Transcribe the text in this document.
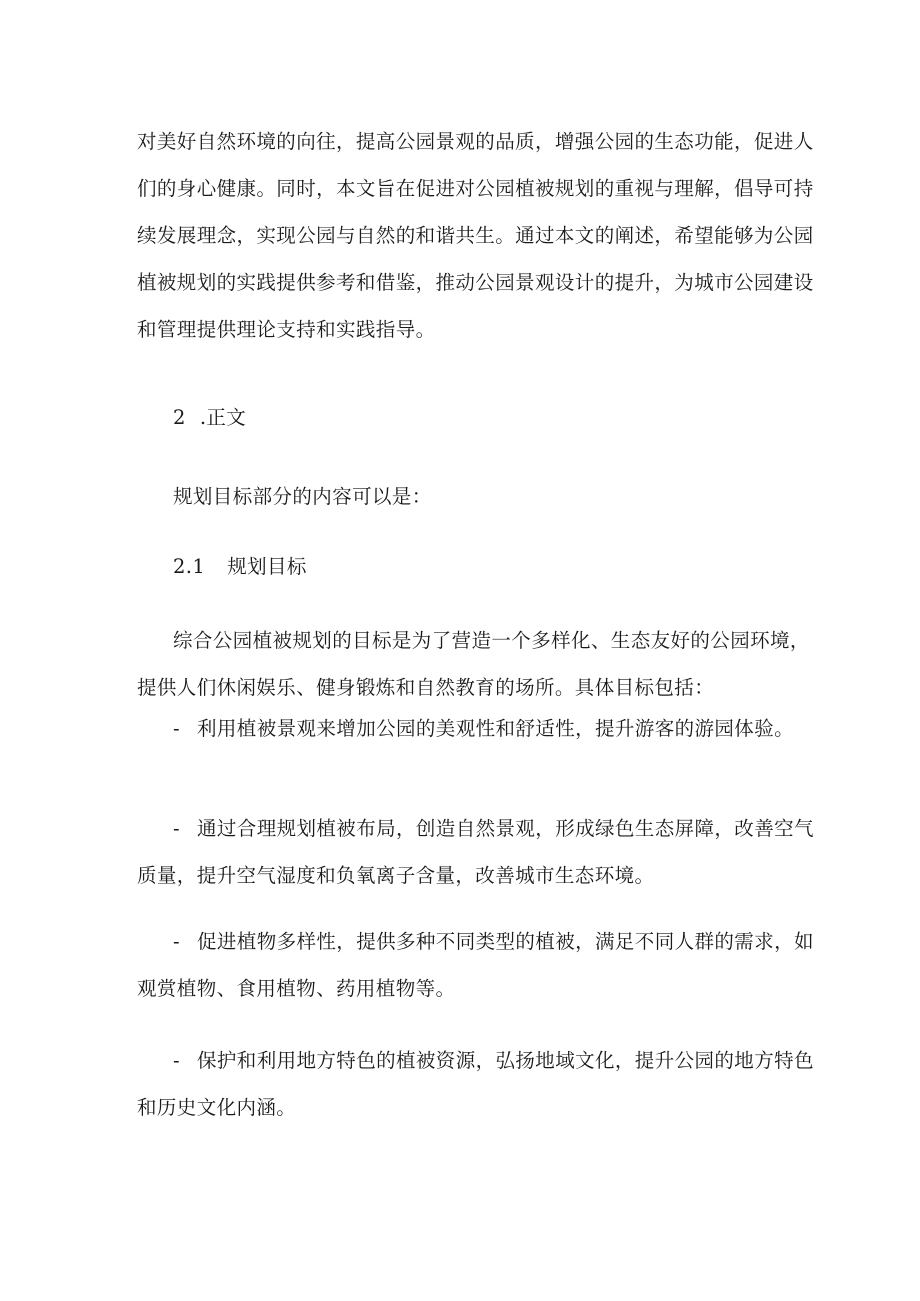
对美好自然环境的向往，提高公园景观的品质，增强公园的生态功能，促进人
们的身心健康。同时，本文旨在促进对公园植被规划的重视与理解，倡导可持
续发展理念，实现公园与自然的和谐共生。通过本文的阐述，希望能够为公园
植被规划的实践提供参考和借鉴，推动公园景观设计的提升，为城市公园建设
和管理提供理论支持和实践指导。
2 .正文
规划目标部分的内容可以是：
2.1 规划目标
综合公园植被规划的目标是为了营造一个多样化、生态友好的公园环境，
提供人们休闲娱乐、健身锻炼和自然教育的场所。具体目标包括：
- 利用植被景观来增加公园的美观性和舒适性，提升游客的游园体验。
- 通过合理规划植被布局，创造自然景观，形成绿色生态屏障，改善空气
质量，提升空气湿度和负氧离子含量，改善城市生态环境。
- 促进植物多样性，提供多种不同类型的植被，满足不同人群的需求，如
观赏植物、食用植物、药用植物等。
- 保护和利用地方特色的植被资源，弘扬地域文化，提升公园的地方特色
和历史文化内涵。
